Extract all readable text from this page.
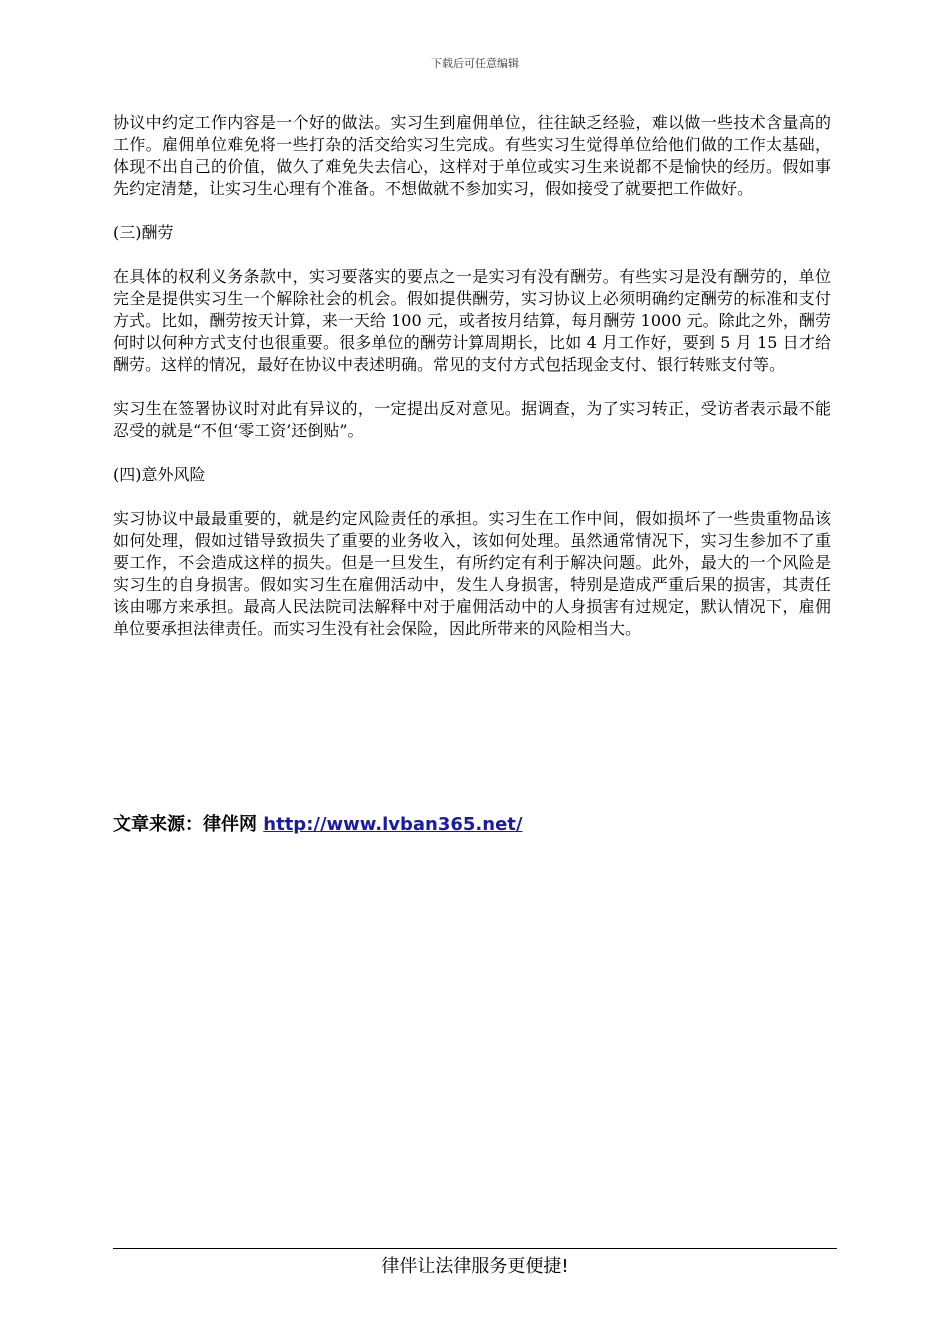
下载后可任意编辑

协议中约定工作内容是一个好的做法。实习生到雇佣单位，往往缺乏经验，难以做一些技术含量高的工作。雇佣单位难免将一些打杂的活交给实习生完成。有些实习生觉得单位给他们做的工作太基础，体现不出自己的价值，做久了难免失去信心，这样对于单位或实习生来说都不是愉快的经历。假如事先约定清楚，让实习生心理有个准备。不想做就不参加实习，假如接受了就要把工作做好。

(三)酬劳

在具体的权利义务条款中，实习要落实的要点之一是实习有没有酬劳。有些实习是没有酬劳的，单位完全是提供实习生一个解除社会的机会。假如提供酬劳，实习协议上必须明确约定酬劳的标准和支付方式。比如，酬劳按天计算，来一天给 100 元，或者按月结算，每月酬劳 1000 元。除此之外，酬劳何时以何种方式支付也很重要。很多单位的酬劳计算周期长，比如 4 月工作好，要到 5 月 15 日才给酬劳。这样的情况，最好在协议中表述明确。常见的支付方式包括现金支付、银行转账支付等。

实习生在签署协议时对此有异议的，一定提出反对意见。据调查，为了实习转正，受访者表示最不能忍受的就是“不但‘零工资’还倒贴”。

(四)意外风险

实习协议中最最重要的，就是约定风险责任的承担。实习生在工作中间，假如损坏了一些贵重物品该如何处理，假如过错导致损失了重要的业务收入，该如何处理。虽然通常情况下，实习生参加不了重要工作，不会造成这样的损失。但是一旦发生，有所约定有利于解决问题。此外，最大的一个风险是实习生的自身损害。假如实习生在雇佣活动中，发生人身损害，特别是造成严重后果的损害，其责任该由哪方来承担。最高人民法院司法解释中对于雇佣活动中的人身损害有过规定，默认情况下，雇佣单位要承担法律责任。而实习生没有社会保险，因此所带来的风险相当大。

文章来源：律伴网 http://www.lvban365.net/
律伴让法律服务更便捷!
